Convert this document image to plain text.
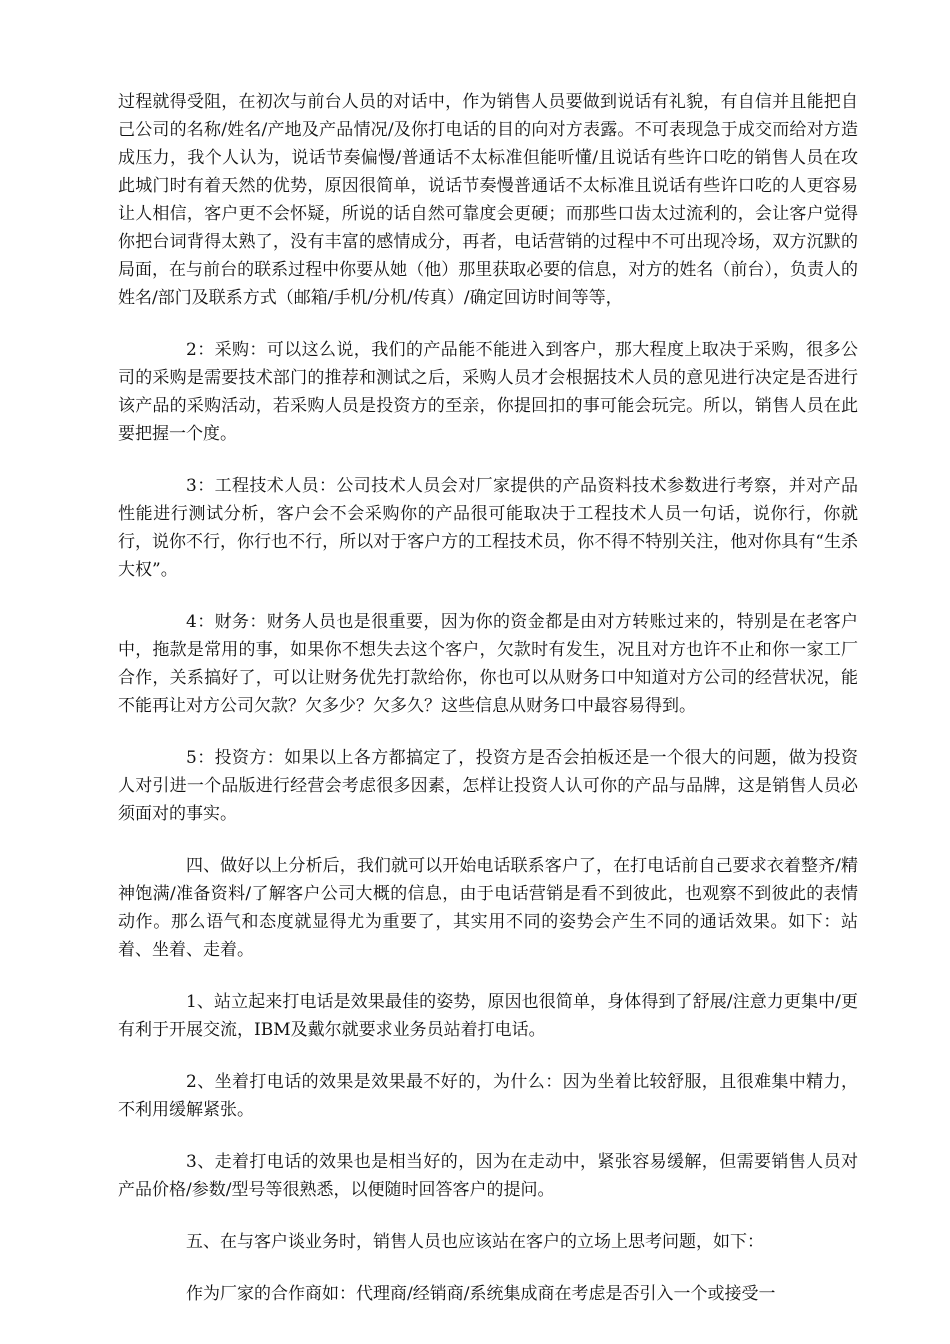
过程就得受阻，在初次与前台人员的对话中，作为销售人员要做到说话有礼貌，有自信并且能把自己公司的名称/姓名/产地及产品情况/及你打电话的目的向对方表露。不可表现急于成交而给对方造成压力，我个人认为，说话节奏偏慢/普通话不太标准但能听懂/且说话有些许口吃的销售人员在攻此城门时有着天然的优势，原因很简单，说话节奏慢普通话不太标准且说话有些许口吃的人更容易让人相信，客户更不会怀疑，所说的话自然可靠度会更硬；而那些口齿太过流利的，会让客户觉得你把台词背得太熟了，没有丰富的感情成分，再者，电话营销的过程中不可出现冷场，双方沉默的局面，在与前台的联系过程中你要从她（他）那里获取必要的信息，对方的姓名（前台），负责人的姓名/部门及联系方式（邮箱/手机/分机/传真）/确定回访时间等等，

2：采购：可以这么说，我们的产品能不能进入到客户，那大程度上取决于采购，很多公司的采购是需要技术部门的推荐和测试之后，采购人员才会根据技术人员的意见进行决定是否进行该产品的采购活动，若采购人员是投资方的至亲，你提回扣的事可能会玩完。所以，销售人员在此要把握一个度。

3：工程技术人员：公司技术人员会对厂家提供的产品资料技术参数进行考察，并对产品性能进行测试分析，客户会不会采购你的产品很可能取决于工程技术人员一句话，说你行，你就行，说你不行，你行也不行，所以对于客户方的工程技术员，你不得不特别关注，他对你具有“生杀大权”。

4：财务：财务人员也是很重要，因为你的资金都是由对方转账过来的，特别是在老客户中，拖款是常用的事，如果你不想失去这个客户，欠款时有发生，况且对方也许不止和你一家工厂合作，关系搞好了，可以让财务优先打款给你，你也可以从财务口中知道对方公司的经营状况，能不能再让对方公司欠款？欠多少？欠多久？这些信息从财务口中最容易得到。

5：投资方：如果以上各方都搞定了，投资方是否会拍板还是一个很大的问题，做为投资人对引进一个品版进行经营会考虑很多因素，怎样让投资人认可你的产品与品牌，这是销售人员必须面对的事实。

四、做好以上分析后，我们就可以开始电话联系客户了，在打电话前自己要求衣着整齐/精神饱满/准备资料/了解客户公司大概的信息，由于电话营销是看不到彼此，也观察不到彼此的表情动作。那么语气和态度就显得尤为重要了，其实用不同的姿势会产生不同的通话效果。如下：站着、坐着、走着。

1、站立起来打电话是效果最佳的姿势，原因也很简单，身体得到了舒展/注意力更集中/更有利于开展交流，IBM及戴尔就要求业务员站着打电话。

2、坐着打电话的效果是效果最不好的，为什么：因为坐着比较舒服，且很难集中精力，不利用缓解紧张。

3、走着打电话的效果也是相当好的，因为在走动中，紧张容易缓解，但需要销售人员对产品价格/参数/型号等很熟悉，以便随时回答客户的提问。

五、在与客户谈业务时，销售人员也应该站在客户的立场上思考问题，如下：

作为厂家的合作商如：代理商/经销商/系统集成商在考虑是否引入一个或接受一
